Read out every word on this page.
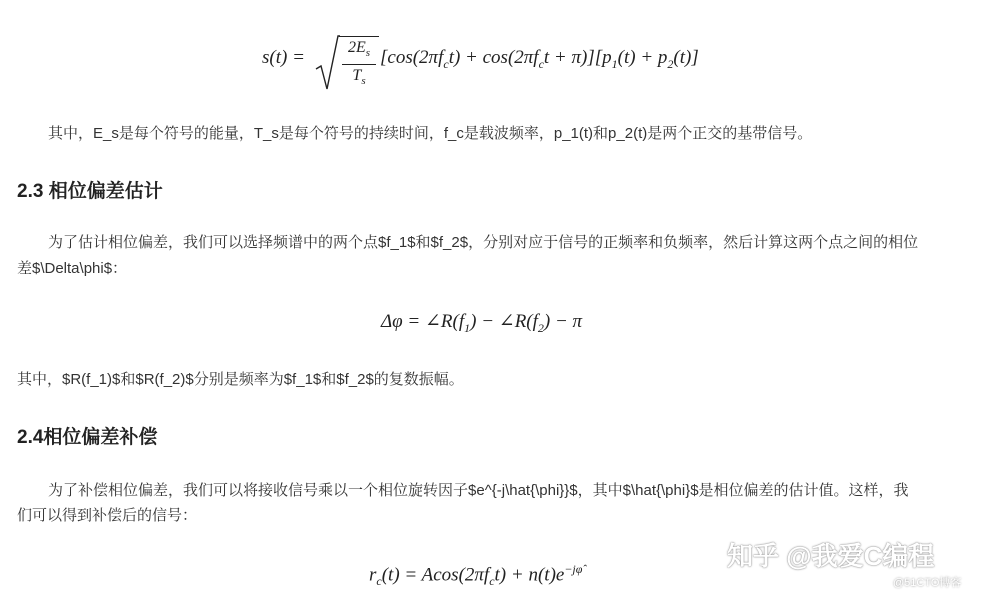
s(t) =	$2E_s$
$T_s$
$[\cos(2\pi f_ct) + \cos(2\pi f_ct + \pi)][p_1(t) + p_2(t)]$
其中，E_s是每个符号的能量，T_s是每个符号的持续时间，f_c是载波频率，p_1(t)和p_2(t)是两个正交的基带信号。
2.3 相位偏差估计
为了估计相位偏差，我们可以选择频谱中的两个点$f_1$和$f_2$，分别对应于信号的正频率和负频率，然后计算这两个点之间的相位
差$\Delta\phi$：
$\Delta\varphi = \angle R(f_1)$ − $\angle R(f_2) - \pi$
其中，$R(f_1)$和$R(f_2)$分别是频率为$f_1$和$f_2$的复数振幅。
2.4相位偏差补偿
为了补偿相位偏差，我们可以将接收信号乘以一个相位旋转因子$e^{-j\hat{\phi}}$，其中$\hat{\phi}$是相位偏差的估计值。这样，我
们可以得到补偿后的信号：
$r_c(t) = Acos(2\pi f_ct) + n(t)e^{-j\varphî}$	知乎 @我爱C编程
@51CTO博客
